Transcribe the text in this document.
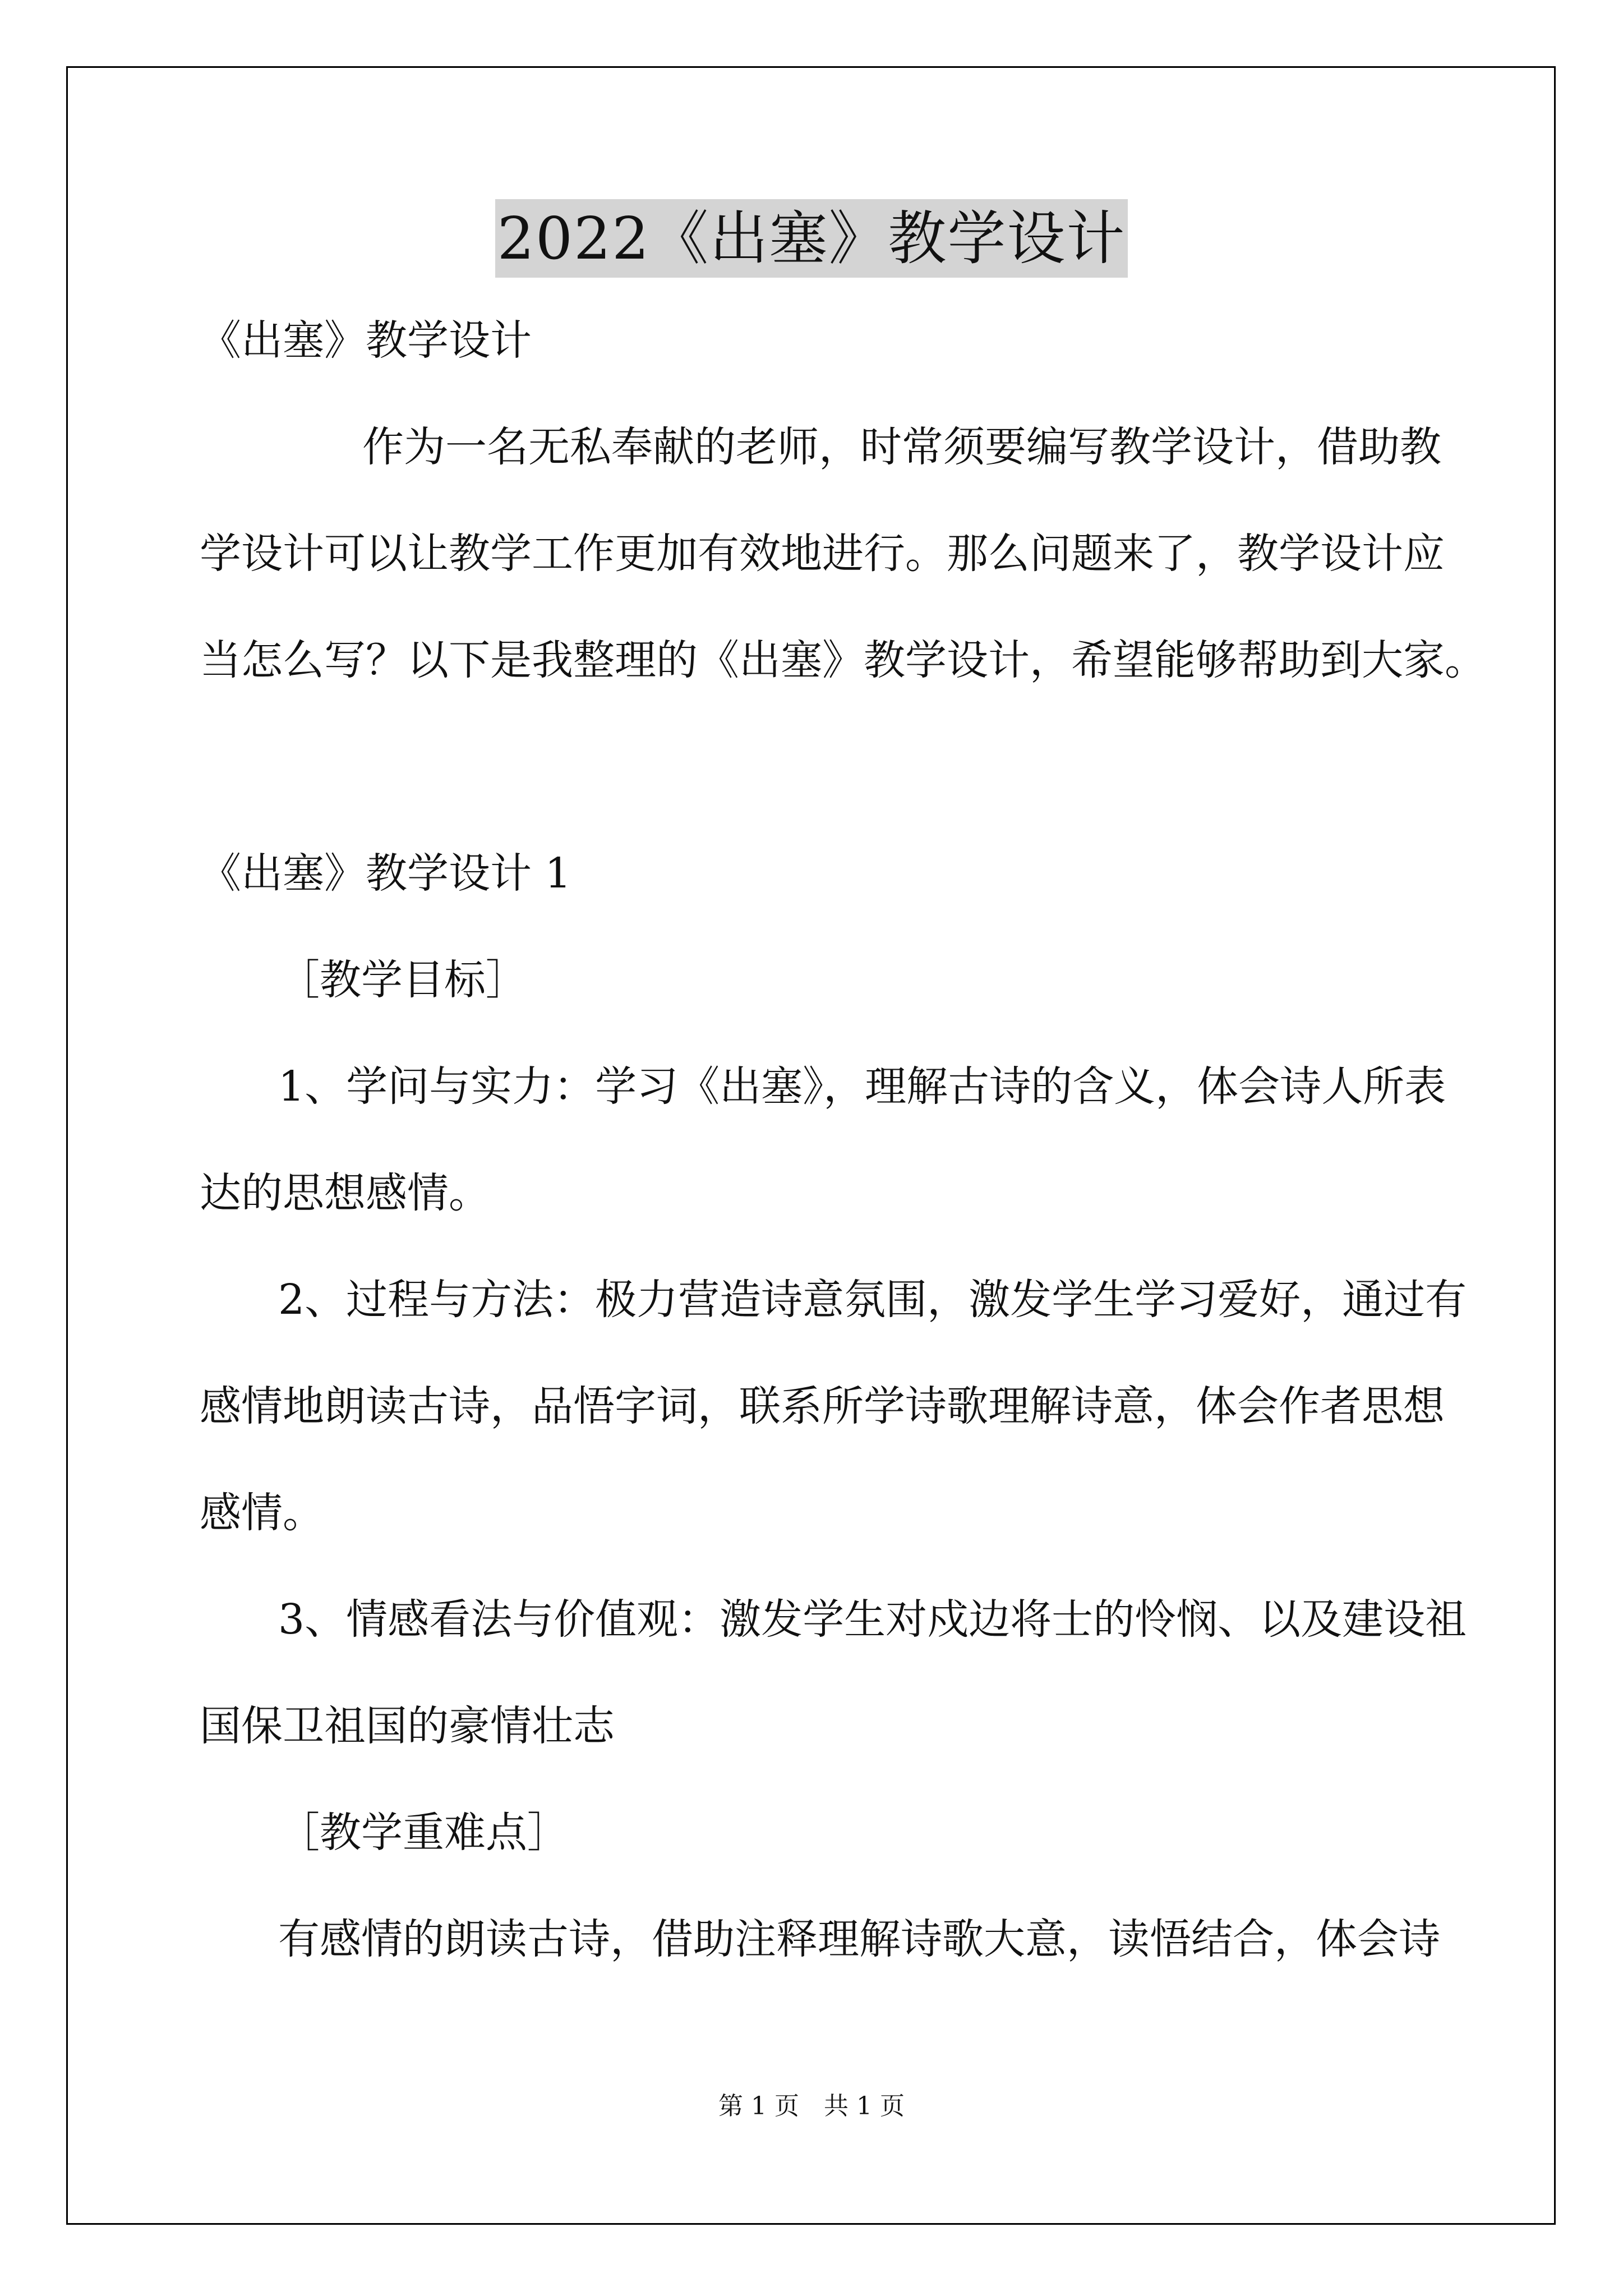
2022《出塞》教学设计
《出塞》教学设计
作为一名无私奉献的老师，时常须要编写教学设计，借助教
学设计可以让教学工作更加有效地进行。那么问题来了，教学设计应
当怎么写？以下是我整理的《出塞》教学设计，希望能够帮助到大家。
《出塞》教学设计 1
［教学目标］
1、学问与实力：学习《出塞》，理解古诗的含义，体会诗人所表
达的思想感情。
2、过程与方法：极力营造诗意氛围，激发学生学习爱好，通过有
感情地朗读古诗，品悟字词，联系所学诗歌理解诗意，体会作者思想
感情。
3、情感看法与价值观：激发学生对戍边将士的怜悯、以及建设祖
国保卫祖国的豪情壮志
［教学重难点］
有感情的朗读古诗，借助注释理解诗歌大意，读悟结合，体会诗
第 1 页　共 1 页
